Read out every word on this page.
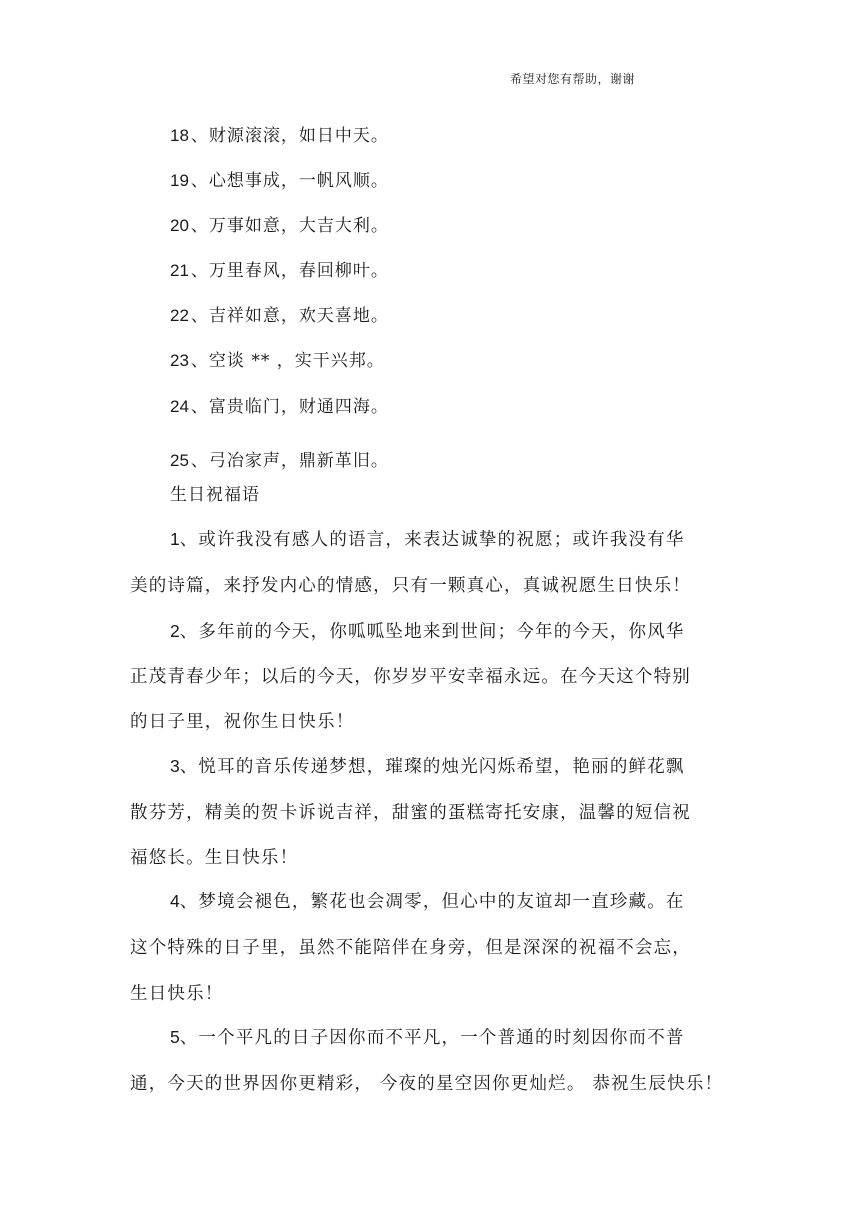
希望对您有帮助，谢谢
18 、财源滚滚，如日中天。
19 、心想事成，一帆风顺。
20 、万事如意，大吉大利。
21 、万里春风，春回柳叶。
22 、吉祥如意，欢天喜地。
23 、空谈 ** ，实干兴邦。
24 、富贵临门，财通四海。
25 、弓冶家声，鼎新革旧。
生日祝福语
1、或许我没有感人的语言，来表达诚挚的祝愿；或许我没有华
美的诗篇，来抒发内心的情感，只有一颗真心，真诚祝愿生日快乐！
2、多年前的今天，你呱呱坠地来到世间；今年的今天，你风华
正茂青春少年；以后的今天，你岁岁平安幸福永远。在今天这个特别
的日子里，祝你生日快乐！
3、悦耳的音乐传递梦想，璀璨的烛光闪烁希望，艳丽的鲜花飘
散芬芳，精美的贺卡诉说吉祥，甜蜜的蛋糕寄托安康，温馨的短信祝
福悠长。生日快乐！
4、梦境会褪色，繁花也会凋零，但心中的友谊却一直珍藏。在
这个特殊的日子里，虽然不能陪伴在身旁，但是深深的祝福不会忘，
生日快乐！
5、一个平凡的日子因你而不平凡，一个普通的时刻因你而不普
通，今天的世界因你更精彩， 今夜的星空因你更灿烂。 恭祝生辰快乐！
